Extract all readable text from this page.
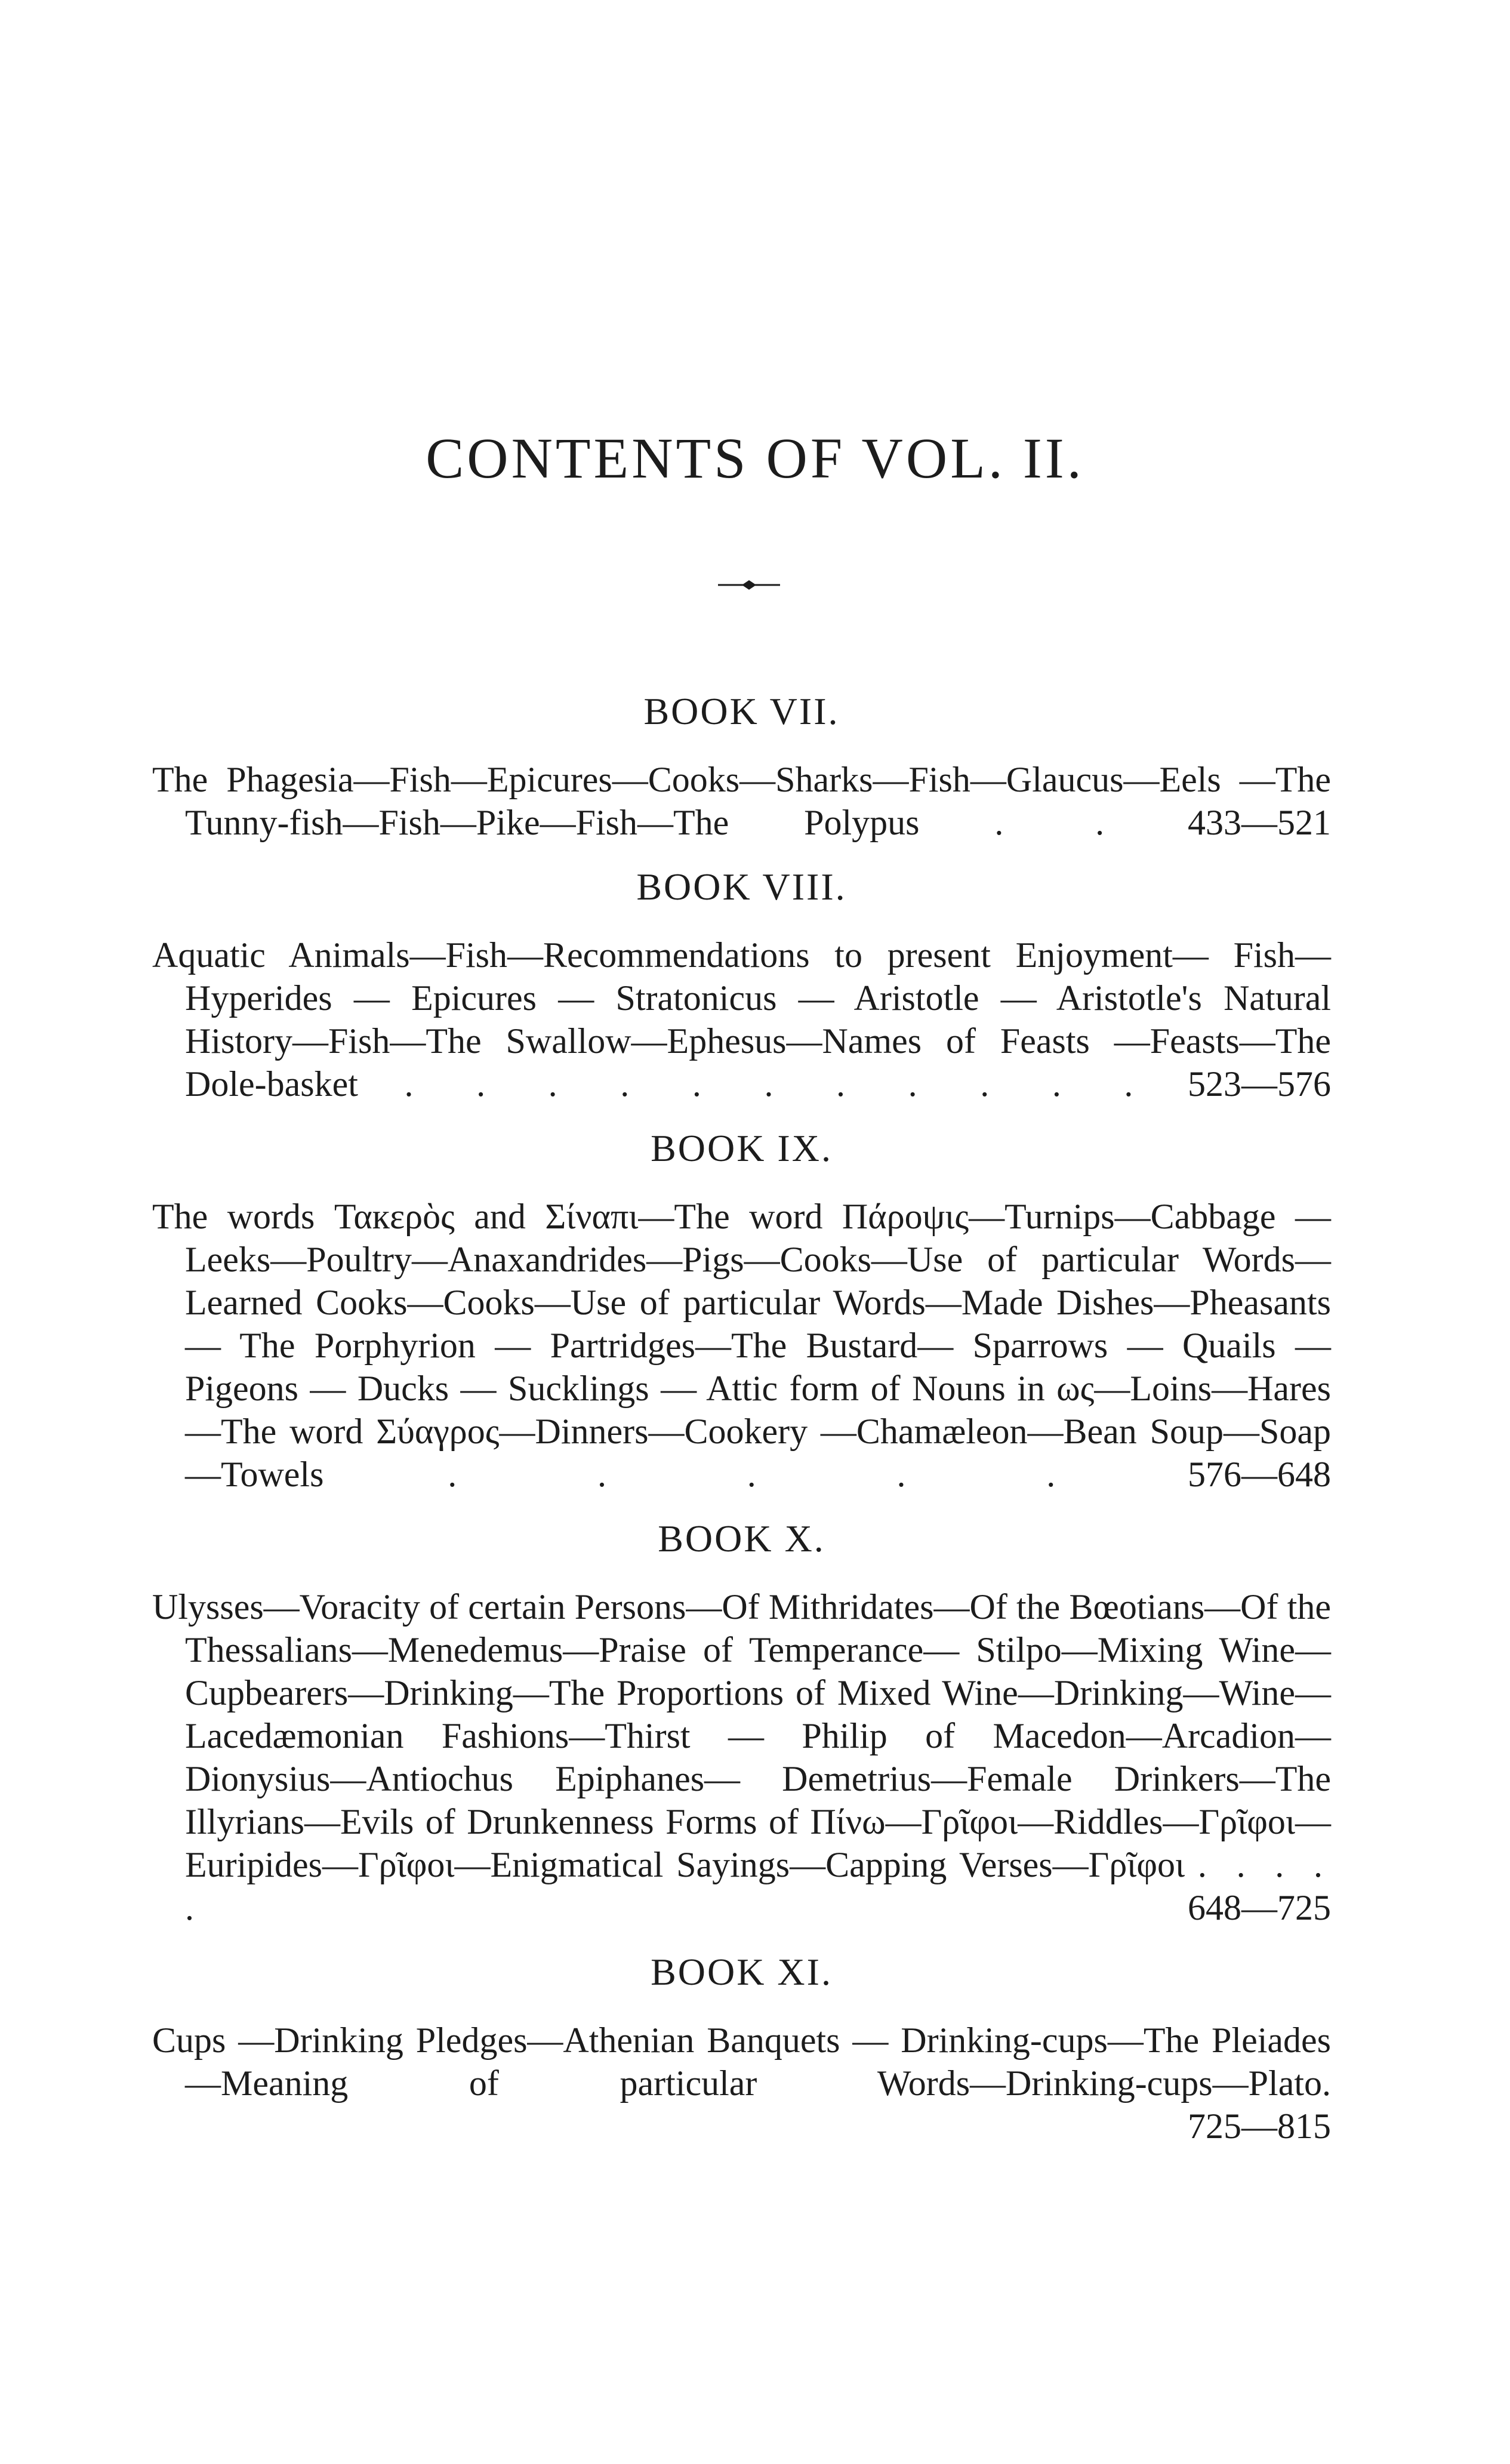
CONTENTS OF VOL. II.
BOOK VII.

The Phagesia—Fish—Epicures—Cooks—Sharks—Fish—Glaucus—Eels —The Tunny-fish—Fish—Pike—Fish—The Polypus . . 433—521

BOOK VIII.

Aquatic Animals—Fish—Recommendations to present Enjoyment— Fish—Hyperides — Epicures — Stratonicus — Aristotle — Aristotle's Natural History—Fish—The Swallow—Ephesus—Names of Feasts —Feasts—The Dole-basket . . . . . . . . . . . 523—576

BOOK IX.

The words Ταкερὸς and Σίναπι—The word Πάροψις—Turnips—Cabbage —Leeks—Poultry—Anaxandrides—Pigs—Cooks—Use of particular Words—Learned Cooks—Cooks—Use of particular Words—Made Dishes—Pheasants — The Porphyrion — Partridges—The Bustard— Sparrows — Quails — Pigeons — Ducks — Sucklings — Attic form of Nouns in ως—Loins—Hares—The word Σύαγρος—Dinners—Cookery —Chamæleon—Bean Soup—Soap—Towels	. . . . .	576—648

BOOK X.

Ulysses—Voracity of certain Persons—Of Mithridates—Of the Bœotians—Of the Thessalians—Menedemus—Praise of Temperance— Stilpo—Mixing Wine—Cupbearers—Drinking—The Proportions of Mixed Wine—Drinking—Wine—Lacedæmonian Fashions—Thirst — Philip of Macedon—Arcadion—Dionysius—Antiochus Epiphanes— Demetrius—Female Drinkers—The Illyrians—Evils of Drunkenness Forms of Πίνω—Γρῖφοι—Riddles—Γρῖφοι—Euripides—Γρῖφοι—Enigmatical Sayings—Capping Verses—Γρῖφοι . . . . .	648—725

BOOK XI.

Cups —Drinking Pledges—Athenian Banquets — Drinking-cups—The Pleiades—Meaning of particular Words—Drinking-cups—Plato.

725—815
